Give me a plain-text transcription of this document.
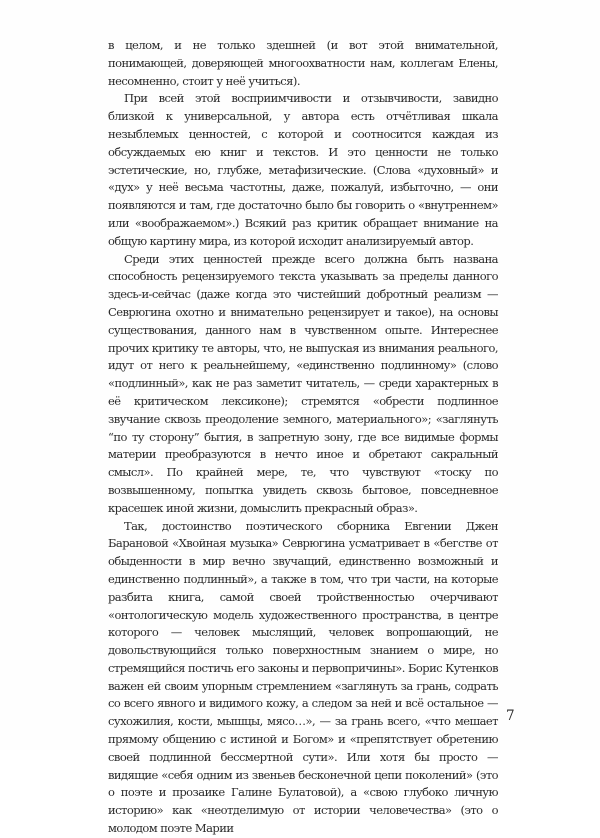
в целом, и не только здешней (и вот этой внимательной, понимающей, доверяющей многоохватности нам, коллегам Елены, несомненно, стоит у неё учиться).

При всей этой восприимчивости и отзывчивости, завидно близкой к универсальной, у автора есть отчётливая шкала незыблемых ценностей, с которой и соотносится каждая из обсуждаемых ею книг и текстов. И это ценности не только эстетические, но, глубже, метафизические. (Слова «духовный» и «дух» у неё весьма частотны, даже, пожалуй, избыточно, — они появляются и там, где достаточно было бы говорить о «внутреннем» или «воображаемом».) Всякий раз критик обращает внимание на общую картину мира, из которой исходит анализируемый автор.

Среди этих ценностей прежде всего должна быть названа способность рецензируемого текста указывать за пределы данного здесь-и-сейчас (даже когда это чистейший добротный реализм — Севрюгина охотно и внимательно рецензирует и такое), на основы существования, данного нам в чувственном опыте. Интереснее прочих критику те авторы, что, не выпуская из внимания реального, идут от него к реальнейшему, «единственно подлинному» (слово «подлинный», как не раз заметит читатель, — среди характерных в её критическом лексиконе); стремятся «обрести подлинное звучание сквозь преодоление земного, материального»; «заглянуть “по ту сторону” бытия, в запретную зону, где все видимые формы материи преобразуются в нечто иное и обретают сакральный смысл». По крайней мере, те, что чувствуют «тоску по возвышенному, попытка увидеть сквозь бытовое, повседневное красешек иной жизни, домыслить прекрасный образ».

Так, достоинство поэтического сборника Евгении Джен Барановой «Хвойная музыка» Севрюгина усматривает в «бегстве от обыденности в мир вечно звучащий, единственно возможный и единственно подлинный», а также в том, что три части, на которые разбита книга, самой своей тройственностью очерчивают «онтологическую модель художественного пространства, в центре которого — человек мыслящий, человек вопрошающий, не довольствующийся только поверхностным знанием о мире, но стремящийся постичь его законы и первопричины». Борис Кутенков важен ей своим упорным стремлением «заглянуть за грань, содрать со всего явного и видимого кожу, а следом за ней и всё остальное — сухожилия, кости, мышцы, мясо…», — за грань всего, «что мешает прямому общению с истиной и Богом» и «препятствует обретению своей подлинной бессмертной сути». Или хотя бы просто — видящие «себя одним из звеньев бесконечной цепи поколений» (это о поэте и прозаике Галине Булатовой), а «свою глубоко личную историю» как «неотделимую от истории человечества» (это о молодом поэте Марии

7
